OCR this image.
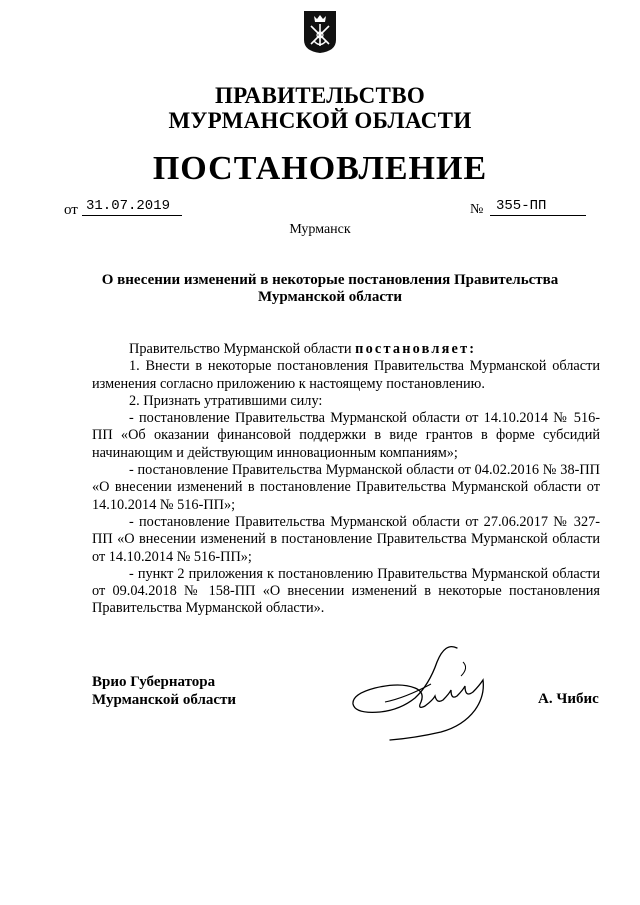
ПРАВИТЕЛЬСТВО
МУРМАНСКОЙ ОБЛАСТИ
ПОСТАНОВЛЕНИЕ
от 31.07.2019	№ 355-ПП
Мурманск
О внесении изменений в некоторые постановления Правительства Мурманской области

Правительство Мурманской области постановляет:

1. Внести в некоторые постановления Правительства Мурманской области изменения согласно приложению к настоящему постановлению.

2. Признать утратившими силу:

- постановление Правительства Мурманской области от 14.10.2014 № 516-ПП «Об оказании финансовой поддержки в виде грантов в форме субсидий начинающим и действующим инновационным компаниям»;

- постановление Правительства Мурманской области от 04.02.2016 № 38-ПП «О внесении изменений в постановление Правительства Мурманской области от 14.10.2014 № 516-ПП»;

- постановление Правительства Мурманской области от 27.06.2017 № 327-ПП «О внесении изменений в постановление Правительства Мурманской области от 14.10.2014 № 516-ПП»;

- пункт 2 приложения к постановлению Правительства Мурманской области от 09.04.2018 № 158-ПП «О внесении изменений в некоторые постановления Правительства Мурманской области».

Врио Губернатора
Мурманской области	А. Чибис
